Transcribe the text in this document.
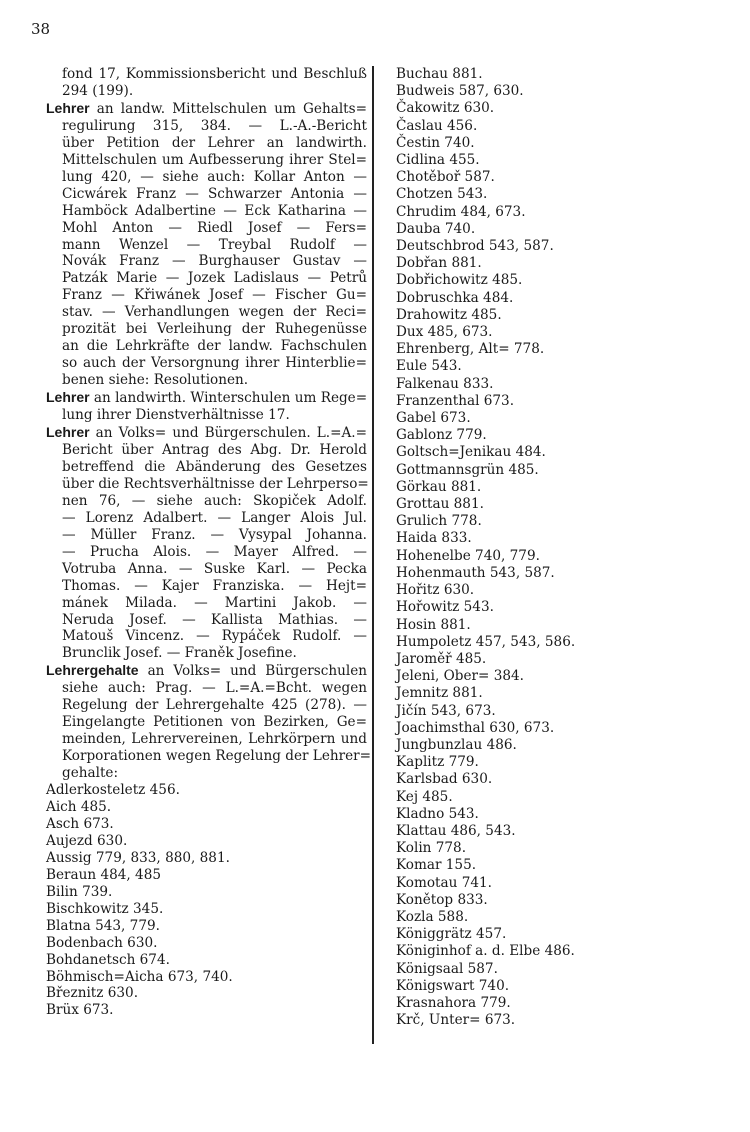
38
fond 17, Kommissionsbericht und Beschluß
294 (199).
Lehrer an landw. Mittelschulen um Gehalts=
regulirung 315, 384. — L.-A.-Bericht
über Petition der Lehrer an landwirth.
Mittelschulen um Aufbesserung ihrer Stel=
lung 420, — siehe auch: Kollar Anton —
Cicwárek Franz — Schwarzer Antonia —
Hamböck Adalbertine — Eck Katharina —
Mohl Anton — Riedl Josef — Fers=
mann Wenzel — Treybal Rudolf —
Novák Franz — Burghauser Gustav —
Patzák Marie — Jozek Ladislaus — Petrů
Franz — Křiwánek Josef — Fischer Gu=
stav. — Verhandlungen wegen der Reci=
prozität bei Verleihung der Ruhegenüsse
an die Lehrkräfte der landw. Fachschulen
so auch der Versorgnung ihrer Hinterblie=
benen siehe: Resolutionen.
Lehrer an landwirth. Winterschulen um Rege=
lung ihrer Dienstverhältnisse 17.
Lehrer an Volks= und Bürgerschulen. L.=A.=
Bericht über Antrag des Abg. Dr. Herold
betreffend die Abänderung des Gesetzes
über die Rechtsverhältnisse der Lehrperso=
nen 76, — siehe auch: Skopiček Adolf.
— Lorenz Adalbert. — Langer Alois Jul.
— Müller Franz. — Vysypal Johanna.
— Prucha Alois. — Mayer Alfred. —
Votruba Anna. — Suske Karl. — Pecka
Thomas. — Kajer Franziska. — Hejt=
mánek Milada. — Martini Jakob. —
Neruda Josef. — Kallista Mathias. —
Matouš Vincenz. — Rypáček Rudolf. —
Brunclik Josef. — Franěk Josefine.
Lehrergehalte an Volks= und Bürgerschulen
siehe auch: Prag. — L.=A.=Bcht. wegen
Regelung der Lehrergehalte 425 (278). —
Eingelangte Petitionen von Bezirken, Ge=
meinden, Lehrervereinen, Lehrkörpern und
Korporationen wegen Regelung der Lehrer=
gehalte:
Adlerkosteletz 456.
Aich 485.
Asch 673.
Aujezd 630.
Aussig 779, 833, 880, 881.
Beraun 484, 485
Bilin 739.
Bischkowitz 345.
Blatna 543, 779.
Bodenbach 630.
Bohdanetsch 674.
Böhmisch=Aicha 673, 740.
Březnitz 630.
Brüx 673.
Buchau 881.
Budweis 587, 630.
Čakowitz 630.
Časlau 456.
Čestin 740.
Cidlina 455.
Chotěboř 587.
Chotzen 543.
Chrudim 484, 673.
Dauba 740.
Deutschbrod 543, 587.
Dobřan 881.
Dobřichowitz 485.
Dobruschka 484.
Drahowitz 485.
Dux 485, 673.
Ehrenberg, Alt= 778.
Eule 543.
Falkenau 833.
Franzenthal 673.
Gabel 673.
Gablonz 779.
Goltsch=Jenikau 484.
Gottmannsgrün 485.
Görkau 881.
Grottau 881.
Grulich 778.
Haida 833.
Hohenelbe 740, 779.
Hohenmauth 543, 587.
Hořitz 630.
Hořowitz 543.
Hosin 881.
Humpoletz 457, 543, 586.
Jaroměř 485.
Jeleni, Ober= 384.
Jemnitz 881.
Jičín 543, 673.
Joachimsthal 630, 673.
Jungbunzlau 486.
Kaplitz 779.
Karlsbad 630.
Kej 485.
Kladno 543.
Klattau 486, 543.
Kolin 778.
Komar 155.
Komotau 741.
Konětop 833.
Kozla 588.
Königgrätz 457.
Königinhof a. d. Elbe 486.
Königsaal 587.
Königswart 740.
Krasnahora 779.
Krč, Unter= 673.
